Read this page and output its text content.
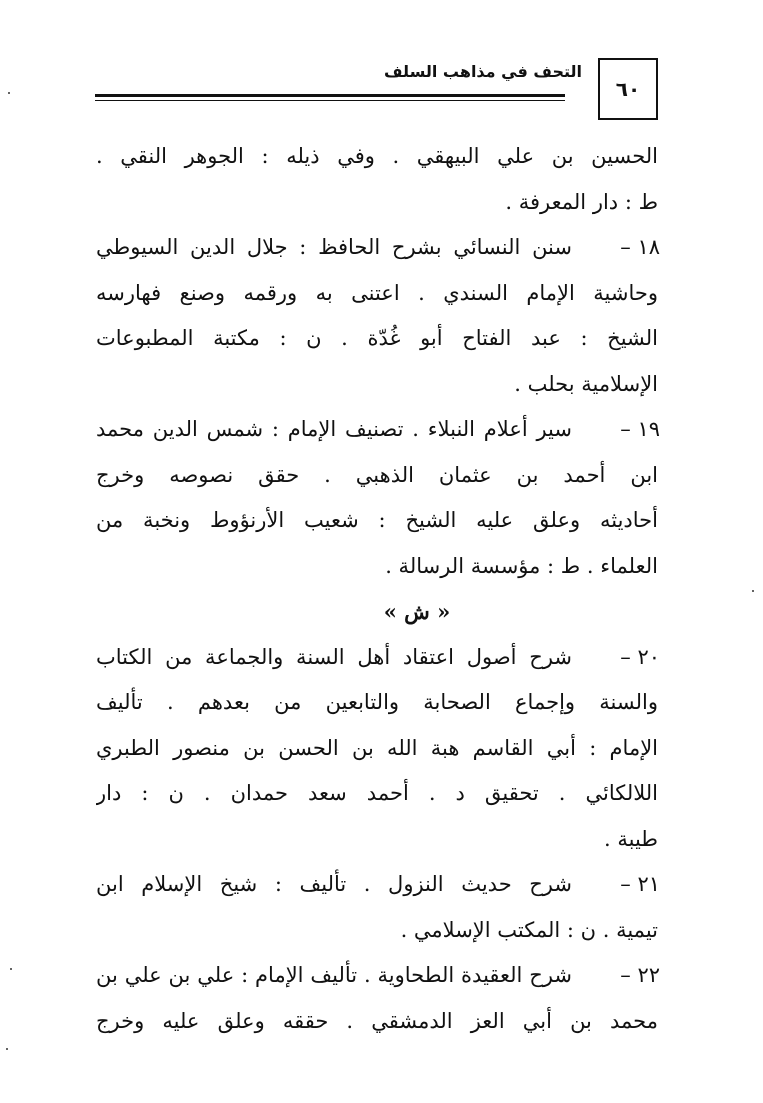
٦٠
التحف في مذاهب السلف
الحسين بن علي البيهقي . وفي ذيله : الجوهر النقي .
ط : دار المعرفة .
١٨ –
سنن النسائي بشرح الحافظ : جلال الدين السيوطي
وحاشية الإمام السندي . اعتنى به ورقمه وصنع فهارسه
الشيخ : عبد الفتاح أبو غُدّة . ن : مكتبة المطبوعات
الإسلامية بحلب .
١٩ –
سير أعلام النبلاء . تصنيف الإمام : شمس الدين محمد
ابن أحمد بن عثمان الذهبي . حقق نصوصه وخرج
أحاديثه وعلق عليه الشيخ : شعيب الأرنؤوط ونخبة من
العلماء . ط : مؤسسة الرسالة .
« ش »
٢٠ –
شرح أصول اعتقاد أهل السنة والجماعة من الكتاب
والسنة وإجماع الصحابة والتابعين من بعدهم . تأليف
الإمام : أبي القاسم هبة الله بن الحسن بن منصور الطبري
اللالكائي . تحقيق د . أحمد سعد حمدان . ن : دار
طيبة .
٢١ –
شرح حديث النزول . تأليف : شيخ الإسلام ابن
تيمية . ن : المكتب الإسلامي .
٢٢ –
شرح العقيدة الطحاوية . تأليف الإمام : علي بن علي بن
محمد بن أبي العز الدمشقي . حققه وعلق عليه وخرج
